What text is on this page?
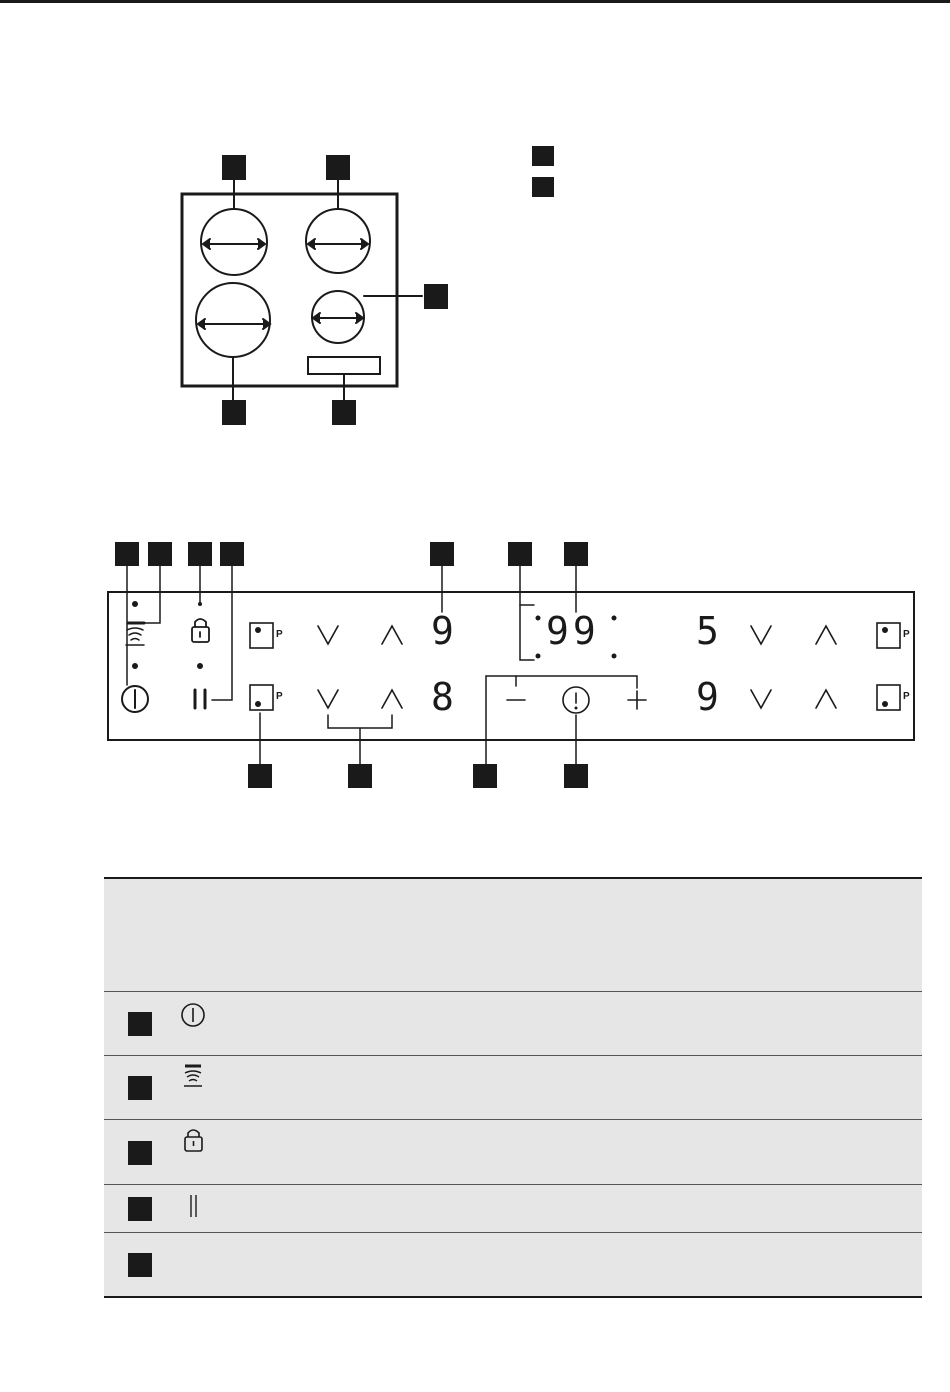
9
8
99	5
9
P
P
P
P
